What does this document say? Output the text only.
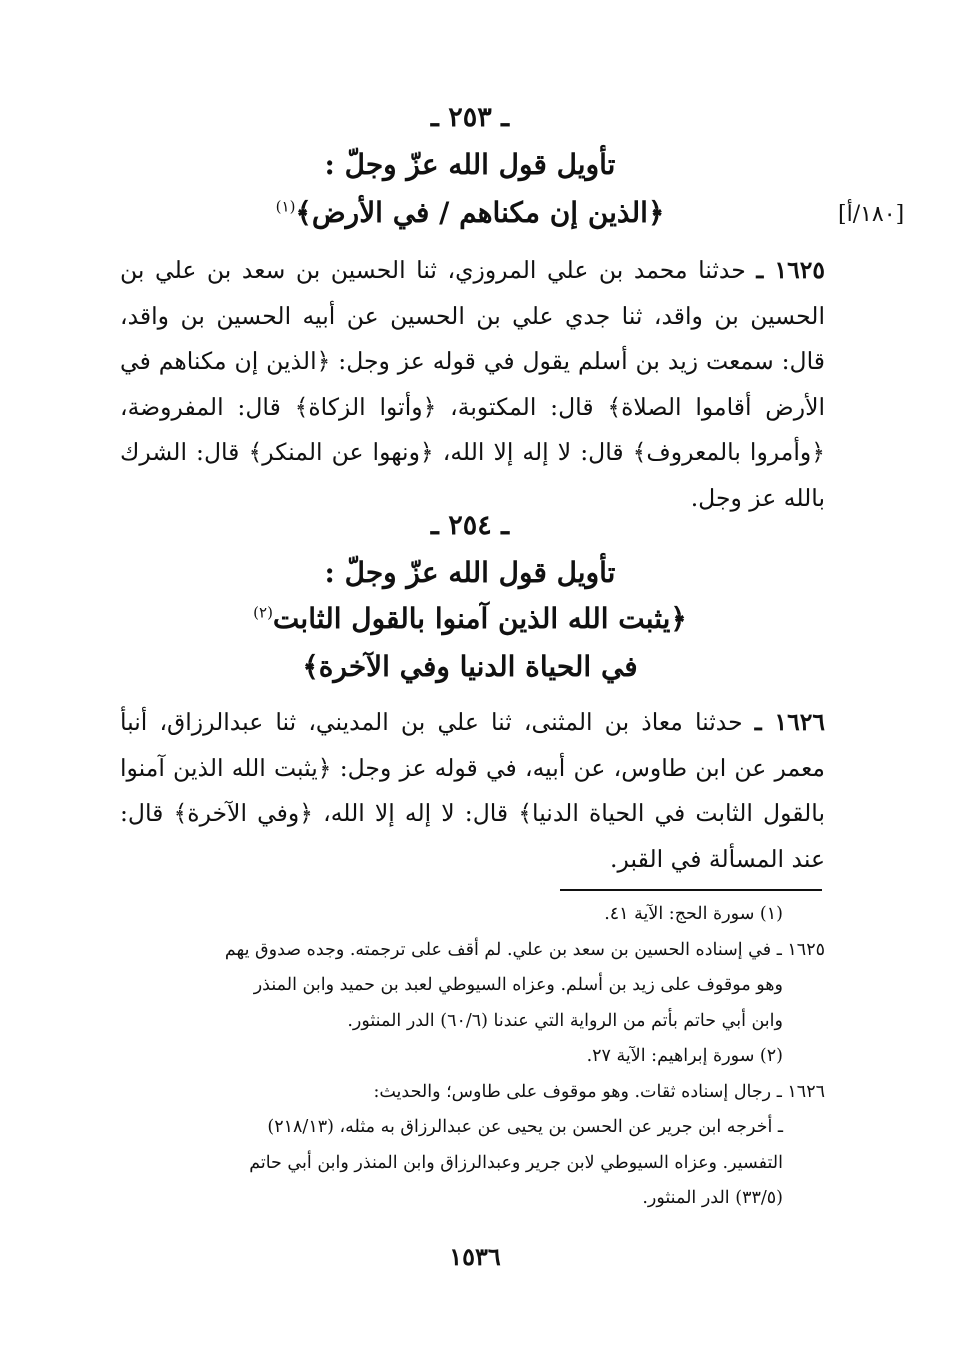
[١٨٠/أ]
ـ ٢٥٣ ـ
تأويل قول الله عزّ وجلّ :
﴿الذين إن مكناهم / في الأرض﴾$^{(١)}$
١٦٢٥ ـ حدثنا محمد بن علي المروزي، ثنا الحسين بن سعد بن علي بن الحسين بن واقد، ثنا جدي علي بن الحسين عن أبيه الحسين بن واقد، قال: سمعت زيد بن أسلم يقول في قوله عز وجل: ﴿الذين إن مكناهم في الأرض أقاموا الصلاة﴾ قال: المكتوبة، ﴿وأتوا الزكاة﴾ قال: المفروضة، ﴿وأمروا بالمعروف﴾ قال: لا إله إلا الله، ﴿ونهوا عن المنكر﴾ قال: الشرك بالله عز وجل.
ـ ٢٥٤ ـ
تأويل قول الله عزّ وجلّ :
﴿يثبت الله الذين آمنوا بالقول الثابت$^{(٢)}$
في الحياة الدنيا وفي الآخرة﴾
١٦٢٦ ـ حدثنا معاذ بن المثنى، ثنا علي بن المديني، ثنا عبدالرزاق، أنبأ معمر عن ابن طاوس، عن أبيه، في قوله عز وجل: ﴿يثبت الله الذين آمنوا بالقول الثابت في الحياة الدنيا﴾ قال: لا إله إلا الله، ﴿وفي الآخرة﴾ قال: عند المسألة في القبر.
(١) سورة الحج: الآية ٤١.
١٦٢٥ ـ في إسناده الحسين بن سعد بن علي. لم أقف على ترجمته. وجده صدوق يهم
وهو موقوف على زيد بن أسلم. وعزاه السيوطي لعبد بن حميد وابن المنذر
وابن أبي حاتم بأتم من الرواية التي عندنا (٦٠/٦) الدر المنثور.
(٢) سورة إبراهيم: الآية ٢٧.
١٦٢٦ ـ رجال إسناده ثقات. وهو موقوف على طاوس؛ والحديث:
ـ أخرجه ابن جرير عن الحسن بن يحيى عن عبدالرزاق به مثله، (٢١٨/١٣)
التفسير. وعزاه السيوطي لابن جرير وعبدالرزاق وابن المنذر وابن أبي حاتم
(٣٣/٥) الدر المنثور.
١٥٣٦
